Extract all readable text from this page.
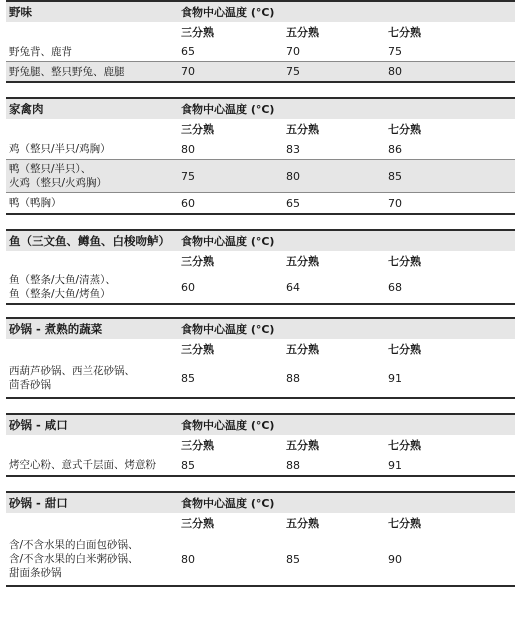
野味	食物中心温度 (°C)
三分熟	五分熟	七分熟
野兔背、鹿背	65	70	75
野兔腿、整只野兔、鹿腿	70	75	80
家禽肉	食物中心温度 (°C)
三分熟	五分熟	七分熟
鸡（整只/半只/鸡胸）	80	83	86
鸭（整只/半只）、
火鸡（整只/火鸡胸）
75	80	85
鸭（鸭胸）	60	65	70
鱼（三文鱼、鳟鱼、白梭吻鲈）	食物中心温度 (°C)
三分熟	五分熟	七分熟
鱼（整条/大鱼/清蒸）、
鱼（整条/大鱼/烤鱼）
60	64	68
砂锅 - 煮熟的蔬菜	食物中心温度 (°C)
三分熟	五分熟	七分熟
西葫芦砂锅、西兰花砂锅、
茴香砂锅
85	88	91
砂锅 - 咸口	食物中心温度 (°C)
三分熟	五分熟	七分熟
烤空心粉、意式千层面、烤意粉	85	88	91
砂锅 - 甜口	食物中心温度 (°C)
三分熟	五分熟	七分熟
含/不含水果的白面包砂锅、
含/不含水果的白米粥砂锅、
甜面条砂锅
80	85	90
